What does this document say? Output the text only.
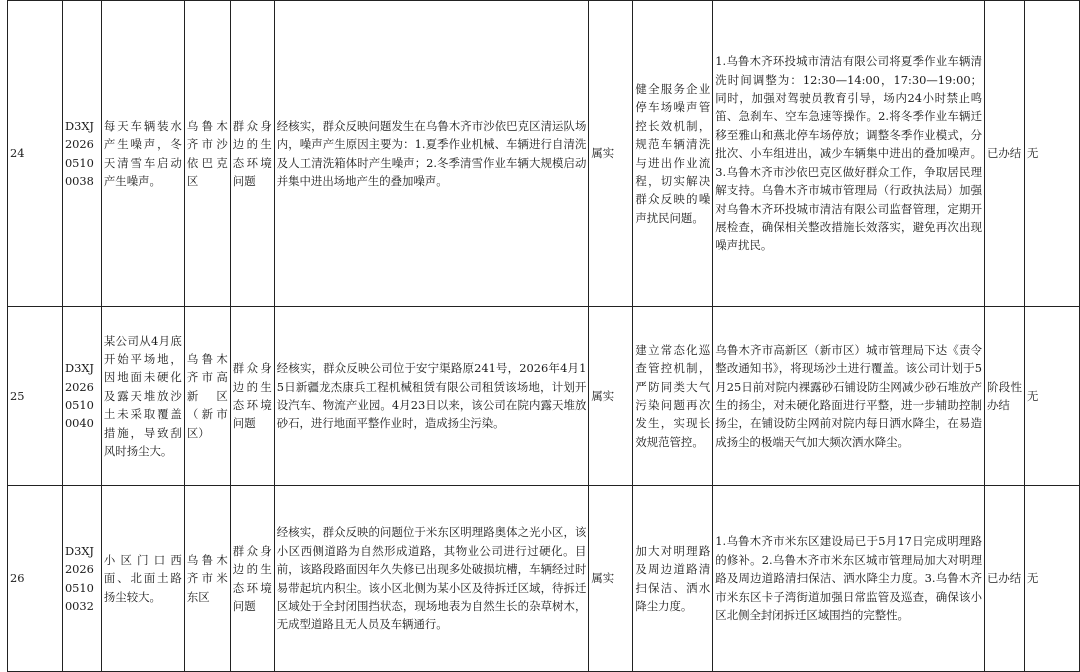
24	D3XJ20260510 0038	每天车辆装水产生噪声，冬天清雪车启动产生噪声。	乌鲁木齐市沙依巴克区	群众身边的生态环境问题	经核实，群众反映问题发生在乌鲁木齐市沙依巴克区清运队场内，噪声产生原因主要为：1.夏季作业机械、车辆进行自清洗及人工清洗箱体时产生噪声；2.冬季清雪作业车辆大规模启动并集中进出场地产生的叠加噪声。	属实	健全服务企业停车场噪声管控长效机制，规范车辆清洗与进出作业流程，切实解决群众反映的噪声扰民问题。	1.乌鲁木齐环投城市清洁有限公司将夏季作业车辆清洗时间调整为：12:30—14:00，17:30—19:00；同时，加强对驾驶员教育引导，场内24小时禁止鸣笛、急刹车、空车急速等操作。2.将冬季作业车辆迁移至雅山和燕北停车场停放；调整冬季作业模式，分批次、小车组进出，减少车辆集中进出的叠加噪声。3.乌鲁木齐市沙依巴克区做好群众工作，争取居民理解支持。乌鲁木齐市城市管理局（行政执法局）加强对乌鲁木齐环投城市清洁有限公司监督管理，定期开展检查，确保相关整改措施长效落实，避免再次出现噪声扰民。	已办结	无
25	D3XJ20260510 0040	某公司从4月底开始平场地，因地面未硬化及露天堆放沙土未采取覆盖措施，导致刮风时扬尘大。	乌鲁木齐市高新区（新市区）	群众身边的生态环境问题	经核实，群众反映公司位于安宁渠路原241号，2026年4月15日新疆龙杰康兵工程机械租赁有限公司租赁该场地，计划开设汽车、物流产业园。4月23日以来，该公司在院内露天堆放砂石，进行地面平整作业时，造成扬尘污染。	属实	建立常态化巡查管控机制，严防同类大气污染问题再次发生，实现长效规范管控。	乌鲁木齐市高新区（新市区）城市管理局下达《责令整改通知书》，将现场沙土进行覆盖。该公司计划于5月25日前对院内裸露砂石铺设防尘网减少砂石堆放产生的扬尘，对未硬化路面进行平整，进一步辅助控制扬尘，在铺设防尘网前对院内每日洒水降尘，在易造成扬尘的极端天气加大频次洒水降尘。	阶段性办结	无
26	D3XJ20260510 0032	小区门口西面、北面土路扬尘较大。	乌鲁木齐市米东区	群众身边的生态环境问题	经核实，群众反映的问题位于米东区明理路奥体之光小区，该小区西侧道路为自然形成道路，其物业公司进行过硬化。目前，该路段路面因年久失修已出现多处破损坑槽，车辆经过时易带起坑内积尘。该小区北侧为某小区及待拆迁区域，待拆迁区域处于全封闭围挡状态，现场地表为自然生长的杂草树木，无成型道路且无人员及车辆通行。	属实	加大对明理路及周边道路清扫保洁、洒水降尘力度。	1.乌鲁木齐市米东区建设局已于5月17日完成明理路的修补。2.乌鲁木齐市米东区城市管理局加大对明理路及周边道路清扫保洁、洒水降尘力度。3.乌鲁木齐市米东区卡子湾街道加强日常监管及巡查，确保该小区北侧全封闭拆迁区域围挡的完整性。	已办结	无
